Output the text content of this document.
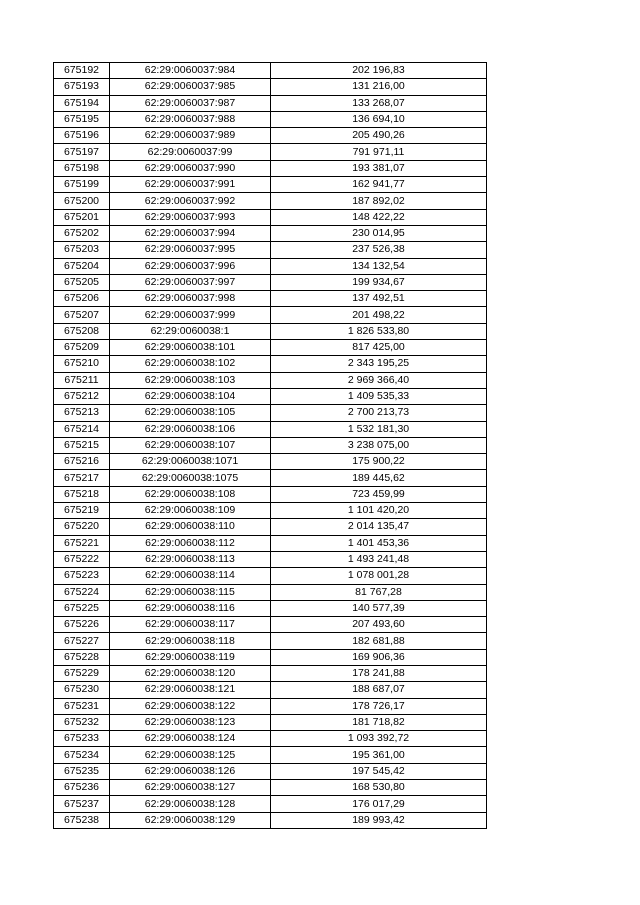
675192	62:29:0060037:984	202 196,83
675193	62:29:0060037:985	131 216,00
675194	62:29:0060037:987	133 268,07
675195	62:29:0060037:988	136 694,10
675196	62:29:0060037:989	205 490,26
675197	62:29:0060037:99	791 971,11
675198	62:29:0060037:990	193 381,07
675199	62:29:0060037:991	162 941,77
675200	62:29:0060037:992	187 892,02
675201	62:29:0060037:993	148 422,22
675202	62:29:0060037:994	230 014,95
675203	62:29:0060037:995	237 526,38
675204	62:29:0060037:996	134 132,54
675205	62:29:0060037:997	199 934,67
675206	62:29:0060037:998	137 492,51
675207	62:29:0060037:999	201 498,22
675208	62:29:0060038:1	1 826 533,80
675209	62:29:0060038:101	817 425,00
675210	62:29:0060038:102	2 343 195,25
675211	62:29:0060038:103	2 969 366,40
675212	62:29:0060038:104	1 409 535,33
675213	62:29:0060038:105	2 700 213,73
675214	62:29:0060038:106	1 532 181,30
675215	62:29:0060038:107	3 238 075,00
675216	62:29:0060038:1071	175 900,22
675217	62:29:0060038:1075	189 445,62
675218	62:29:0060038:108	723 459,99
675219	62:29:0060038:109	1 101 420,20
675220	62:29:0060038:110	2 014 135,47
675221	62:29:0060038:112	1 401 453,36
675222	62:29:0060038:113	1 493 241,48
675223	62:29:0060038:114	1 078 001,28
675224	62:29:0060038:115	81 767,28
675225	62:29:0060038:116	140 577,39
675226	62:29:0060038:117	207 493,60
675227	62:29:0060038:118	182 681,88
675228	62:29:0060038:119	169 906,36
675229	62:29:0060038:120	178 241,88
675230	62:29:0060038:121	188 687,07
675231	62:29:0060038:122	178 726,17
675232	62:29:0060038:123	181 718,82
675233	62:29:0060038:124	1 093 392,72
675234	62:29:0060038:125	195 361,00
675235	62:29:0060038:126	197 545,42
675236	62:29:0060038:127	168 530,80
675237	62:29:0060038:128	176 017,29
675238	62:29:0060038:129	189 993,42
